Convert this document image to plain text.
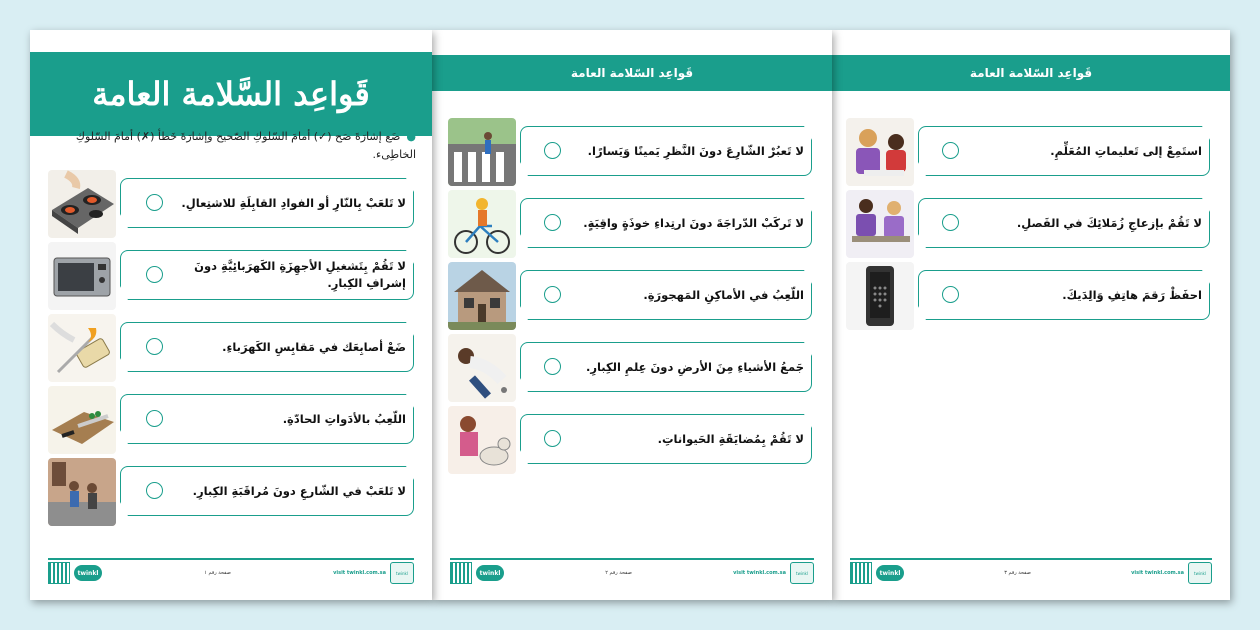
قَواعِد السَّلامة العامة
●ضَع إشارَةَ صَح (✓) أمامَ السّلوكِ الصّحيح وإشارَةَ خَطأ (✗) أمامَ السّلوكِ الخاطِىء.
لا تَلعَبْ بِالنّارِ أو الفوادِ القابِلَةِ للاشتِعالِ.
لا تَقُمْ بِتَشغيلِ الأجهِزَةِ الكَهرَبائِيَّةِ دونَ إشرافِ الكِبارِ.
ضَعْ أصابِعَك في مَقابِسِ الكَهرَباءِ.
اللّعِبُ بالأدَواتِ الحادّةِ.
لا تَلعَبْ في الشّارعِ دونَ مُراقَبَةِ الكِبارِ.
twinkl	صفحة رقم ١	visit twinkl.com.sa	twinkl
قَواعِد السّلامة العامة
لا تَعبُرْ الشّارِعَ دونَ النَّظرِ يَمينًا وَيَسارًا.
لا تَركَبْ الدّراجَةَ دونَ ارتِداءِ خوذَةٍ واقِيَةٍ.
اللّعِبُ في الأماكِنِ المَهجورَةِ.
جَمعُ الأشياءِ مِنَ الأرضِ دونَ عِلمِ الكِبارِ.
لا تَقُمْ بِمُضايَقَةِ الحَيواناتِ.
twinkl	صفحة رقم ٢	visit twinkl.com.sa	twinkl
قَواعِد السّلامة العامة
استَمِعْ إلى تَعليماتِ المُعَلِّمِ.
لا تَقُمْ بإزعاجِ زُمَلائِكَ في الفَصلِ.
احفَظْ رَقمَ هاتِفِ وَالِدَيكَ.
twinkl	صفحة رقم ٣	visit twinkl.com.sa	twinkl
